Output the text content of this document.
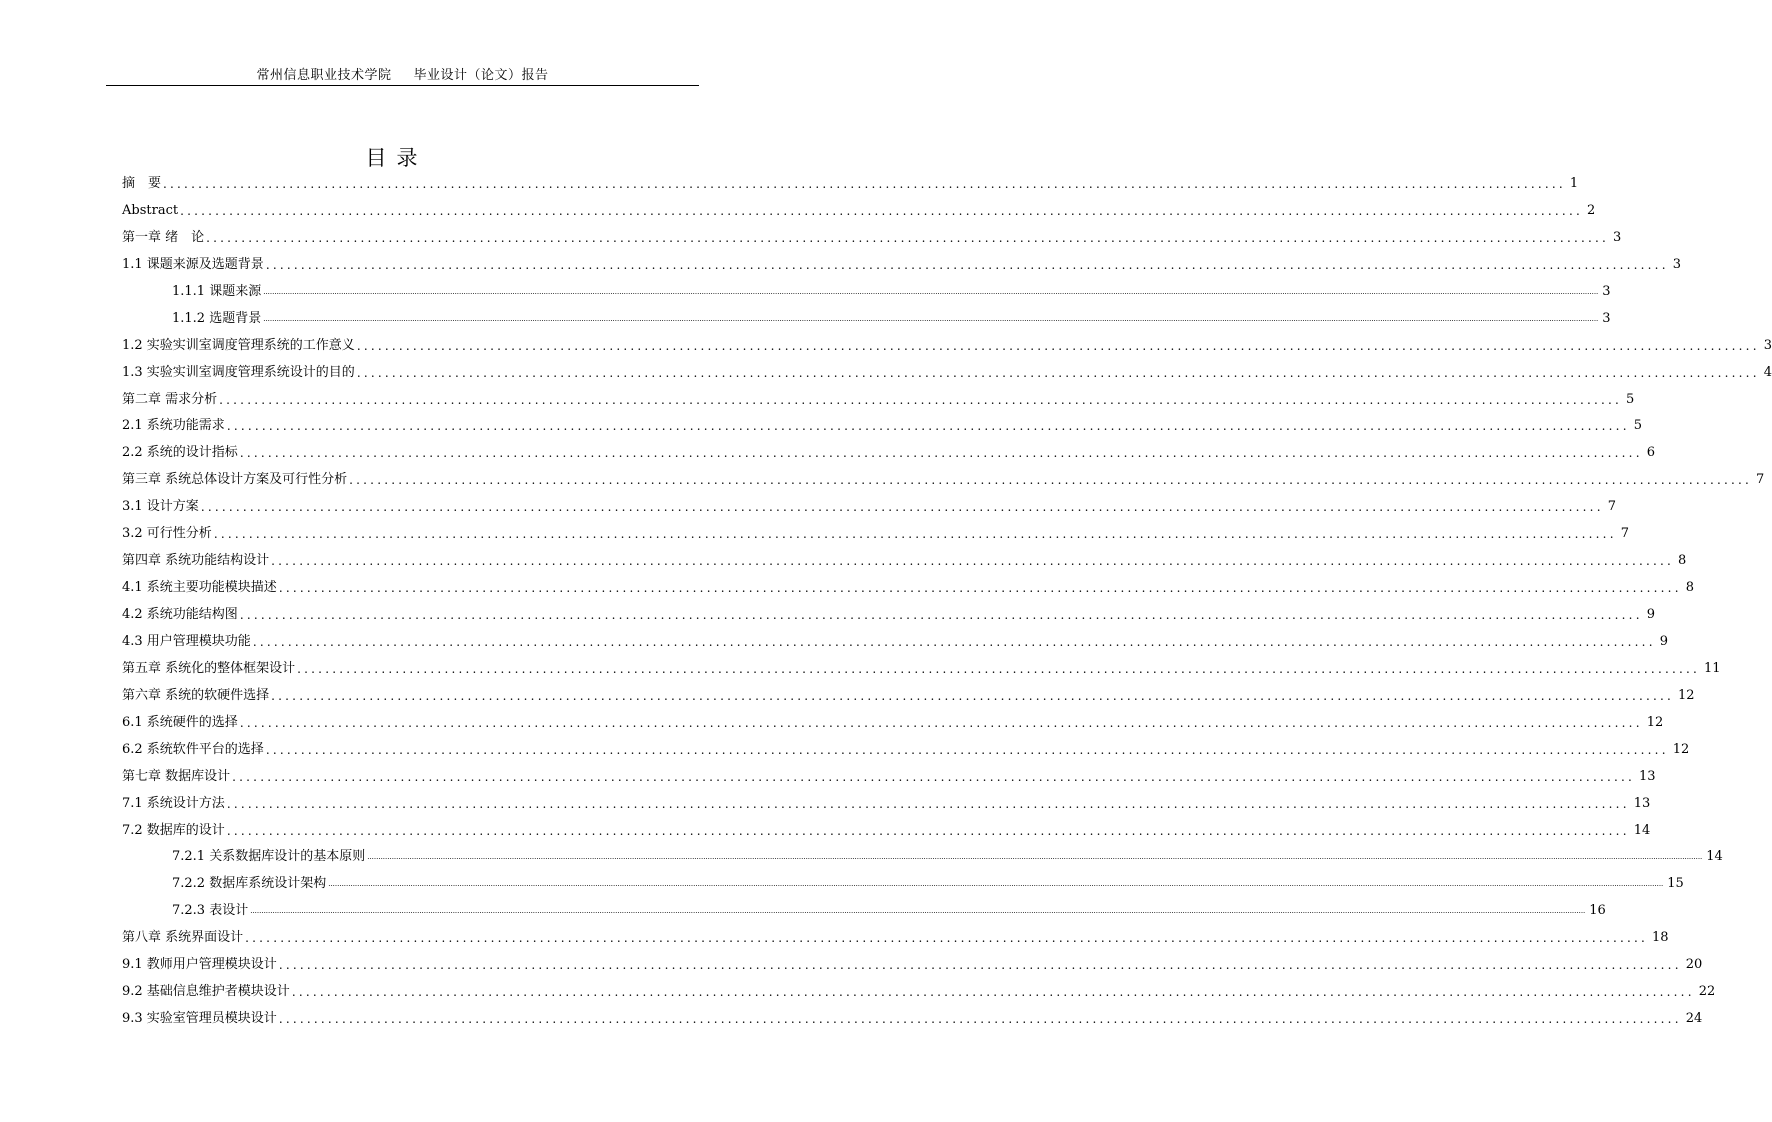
常州信息职业技术学院 毕业设计（论文）报告
目录
摘　要 ........................................................................................................................................................................................................ 1
Abstract ........................................................................................................................................................................................................ 2
第一章 绪　论 ........................................................................................................................................................................................................ 3
1.1 课题来源及选题背景 ........................................................................................................................................................................................................ 3
1.1.1 课题来源 ........................................................................................................................................................................................................................................................................................................................................................................................................................................................................................................................................................................................................................ 3
1.1.2 选题背景 ........................................................................................................................................................................................................................................................................................................................................................................................................................................................................................................................................................................................................................ 3
1.2 实验实训室调度管理系统的工作意义 ........................................................................................................................................................................................................ 3
1.3 实验实训室调度管理系统设计的目的 ........................................................................................................................................................................................................ 4
第二章 需求分析 ........................................................................................................................................................................................................ 5
2.1 系统功能需求 ........................................................................................................................................................................................................ 5
2.2 系统的设计指标 ........................................................................................................................................................................................................ 6
第三章 系统总体设计方案及可行性分析 ........................................................................................................................................................................................................ 7
3.1 设计方案 ........................................................................................................................................................................................................ 7
3.2 可行性分析 ........................................................................................................................................................................................................ 7
第四章 系统功能结构设计 ........................................................................................................................................................................................................ 8
4.1 系统主要功能模块描述 ........................................................................................................................................................................................................ 8
4.2 系统功能结构图 ........................................................................................................................................................................................................ 9
4.3 用户管理模块功能 ........................................................................................................................................................................................................ 9
第五章 系统化的整体框架设计 ........................................................................................................................................................................................................ 11
第六章 系统的软硬件选择 ........................................................................................................................................................................................................ 12
6.1 系统硬件的选择 ........................................................................................................................................................................................................ 12
6.2 系统软件平台的选择 ........................................................................................................................................................................................................ 12
第七章 数据库设计 ........................................................................................................................................................................................................ 13
7.1 系统设计方法 ........................................................................................................................................................................................................ 13
7.2 数据库的设计 ........................................................................................................................................................................................................ 14
7.2.1 关系数据库设计的基本原则 ........................................................................................................................................................................................................................................................................................................................................................................................................................................................................................................................................................................................................................ 14
7.2.2 数据库系统设计架构 ........................................................................................................................................................................................................................................................................................................................................................................................................................................................................................................................................................................................................................ 15
7.2.3 表设计 ........................................................................................................................................................................................................................................................................................................................................................................................................................................................................................................................................................................................................................ 16
第八章 系统界面设计 ........................................................................................................................................................................................................ 18
9.1 教师用户管理模块设计 ........................................................................................................................................................................................................ 20
9.2 基础信息维护者模块设计 ........................................................................................................................................................................................................ 22
9.3 实验室管理员模块设计 ........................................................................................................................................................................................................ 24
